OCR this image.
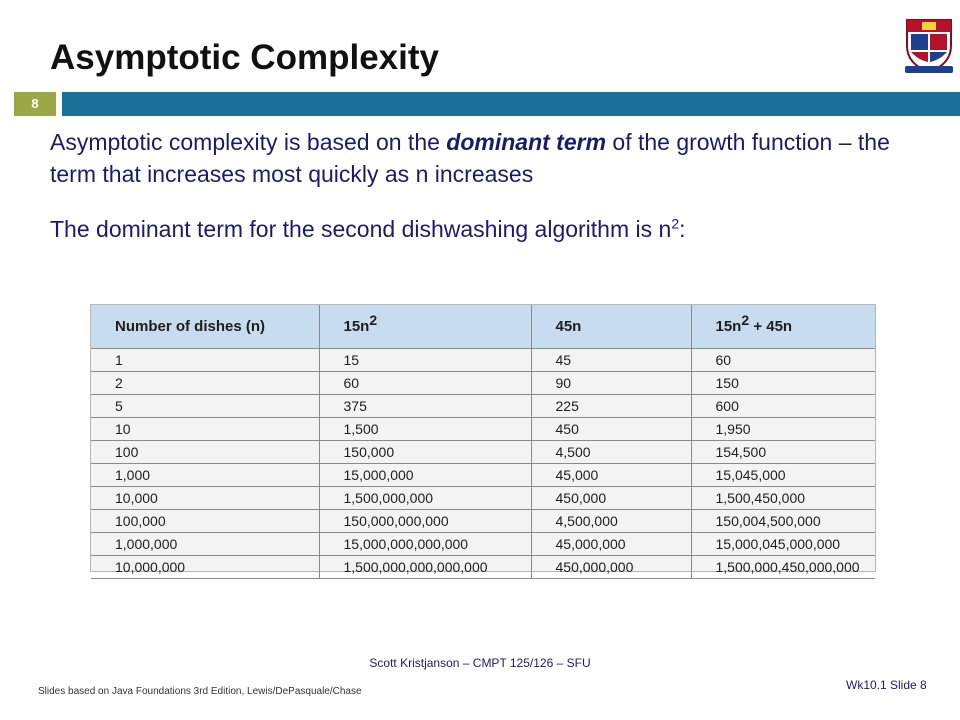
Asymptotic Complexity
8
Asymptotic complexity is based on the dominant term of the growth function – the term that increases most quickly as n increases
The dominant term for the second dishwashing algorithm is $n^2$:
Number of dishes (n)	$15n^2$	45n	$15n^2 + 45n$
1	15	45	60
2	60	90	150
5	375	225	600
10	1,500	450	1,950
100	150,000	4,500	154,500
1,000	15,000,000	45,000	15,045,000
10,000	1,500,000,000	450,000	1,500,450,000
100,000	150,000,000,000	4,500,000	150,004,500,000
1,000,000	15,000,000,000,000	45,000,000	15,000,045,000,000
10,000,000	1,500,000,000,000,000	450,000,000	1,500,000,450,000,000
Scott Kristjanson – CMPT 125/126 – SFU
Slides based on Java Foundations 3rd Edition, Lewis/DePasquale/Chase	Wk10.1 Slide 8
